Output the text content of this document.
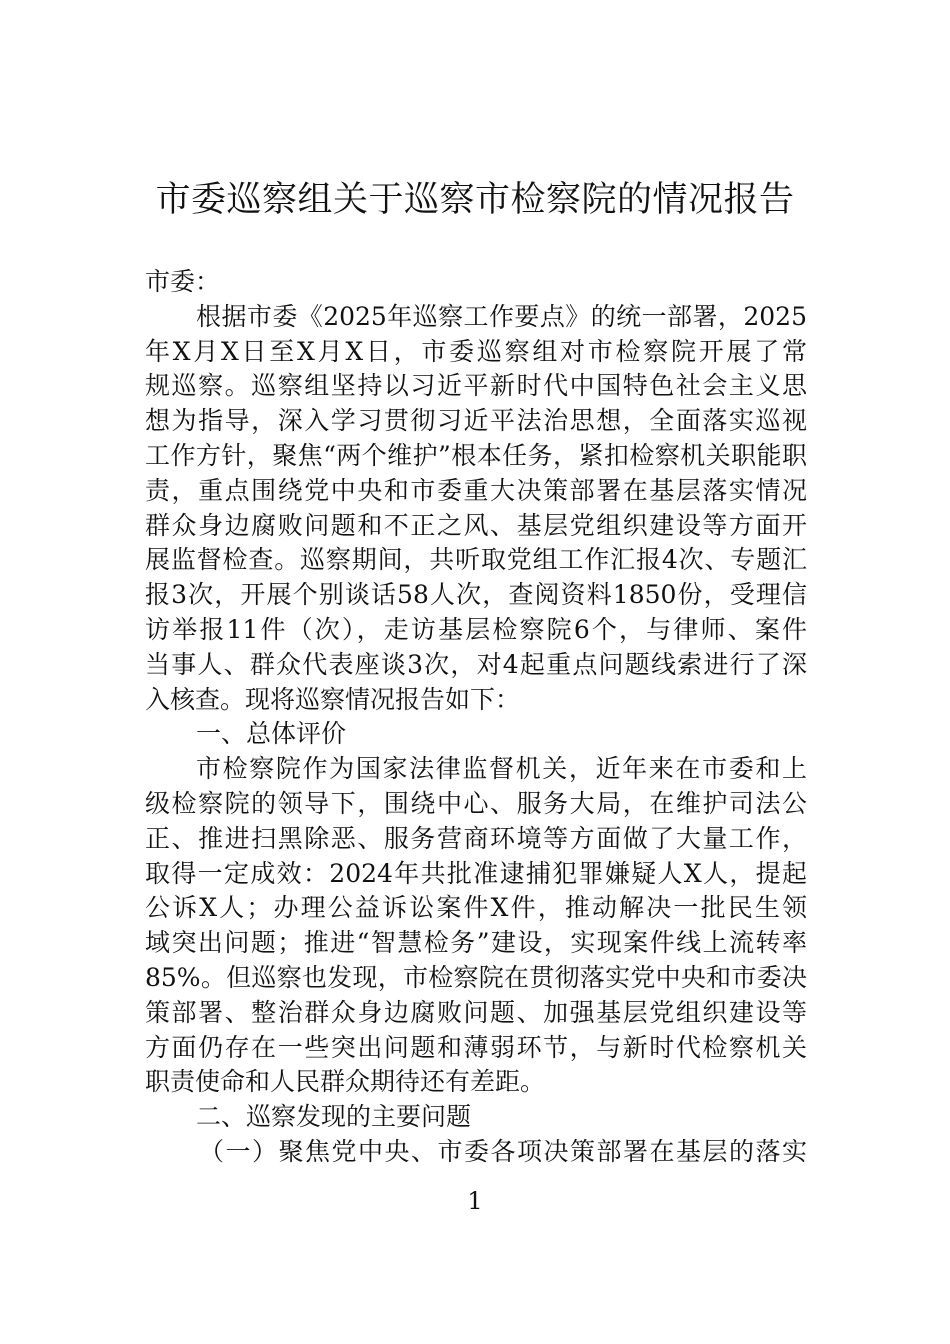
市委巡察组关于巡察市检察院的情况报告
市委：
根据市委《2025年巡察工作要点》的统一部署，2025
年X月X日至X月X日，市委巡察组对市检察院开展了常
规巡察。巡察组坚持以习近平新时代中国特色社会主义思
想为指导，深入学习贯彻习近平法治思想，全面落实巡视
工作方针，聚焦“两个维护”根本任务，紧扣检察机关职能职
责，重点围绕党中央和市委重大决策部署在基层落实情况
群众身边腐败问题和不正之风、基层党组织建设等方面开
展监督检查。巡察期间，共听取党组工作汇报4次、专题汇
报3次，开展个别谈话58人次，查阅资料1850份，受理信
访举报11件（次），走访基层检察院6个，与律师、案件
当事人、群众代表座谈3次，对4起重点问题线索进行了深
入核查。现将巡察情况报告如下：
一、总体评价
市检察院作为国家法律监督机关，近年来在市委和上
级检察院的领导下，围绕中心、服务大局，在维护司法公
正、推进扫黑除恶、服务营商环境等方面做了大量工作，
取得一定成效：2024年共批准逮捕犯罪嫌疑人X人，提起
公诉X人；办理公益诉讼案件X件，推动解决一批民生领
域突出问题；推进“智慧检务”建设，实现案件线上流转率
85%。但巡察也发现，市检察院在贯彻落实党中央和市委决
策部署、整治群众身边腐败问题、加强基层党组织建设等
方面仍存在一些突出问题和薄弱环节，与新时代检察机关
职责使命和人民群众期待还有差距。
二、巡察发现的主要问题
（一）聚焦党中央、市委各项决策部署在基层的落实
1
